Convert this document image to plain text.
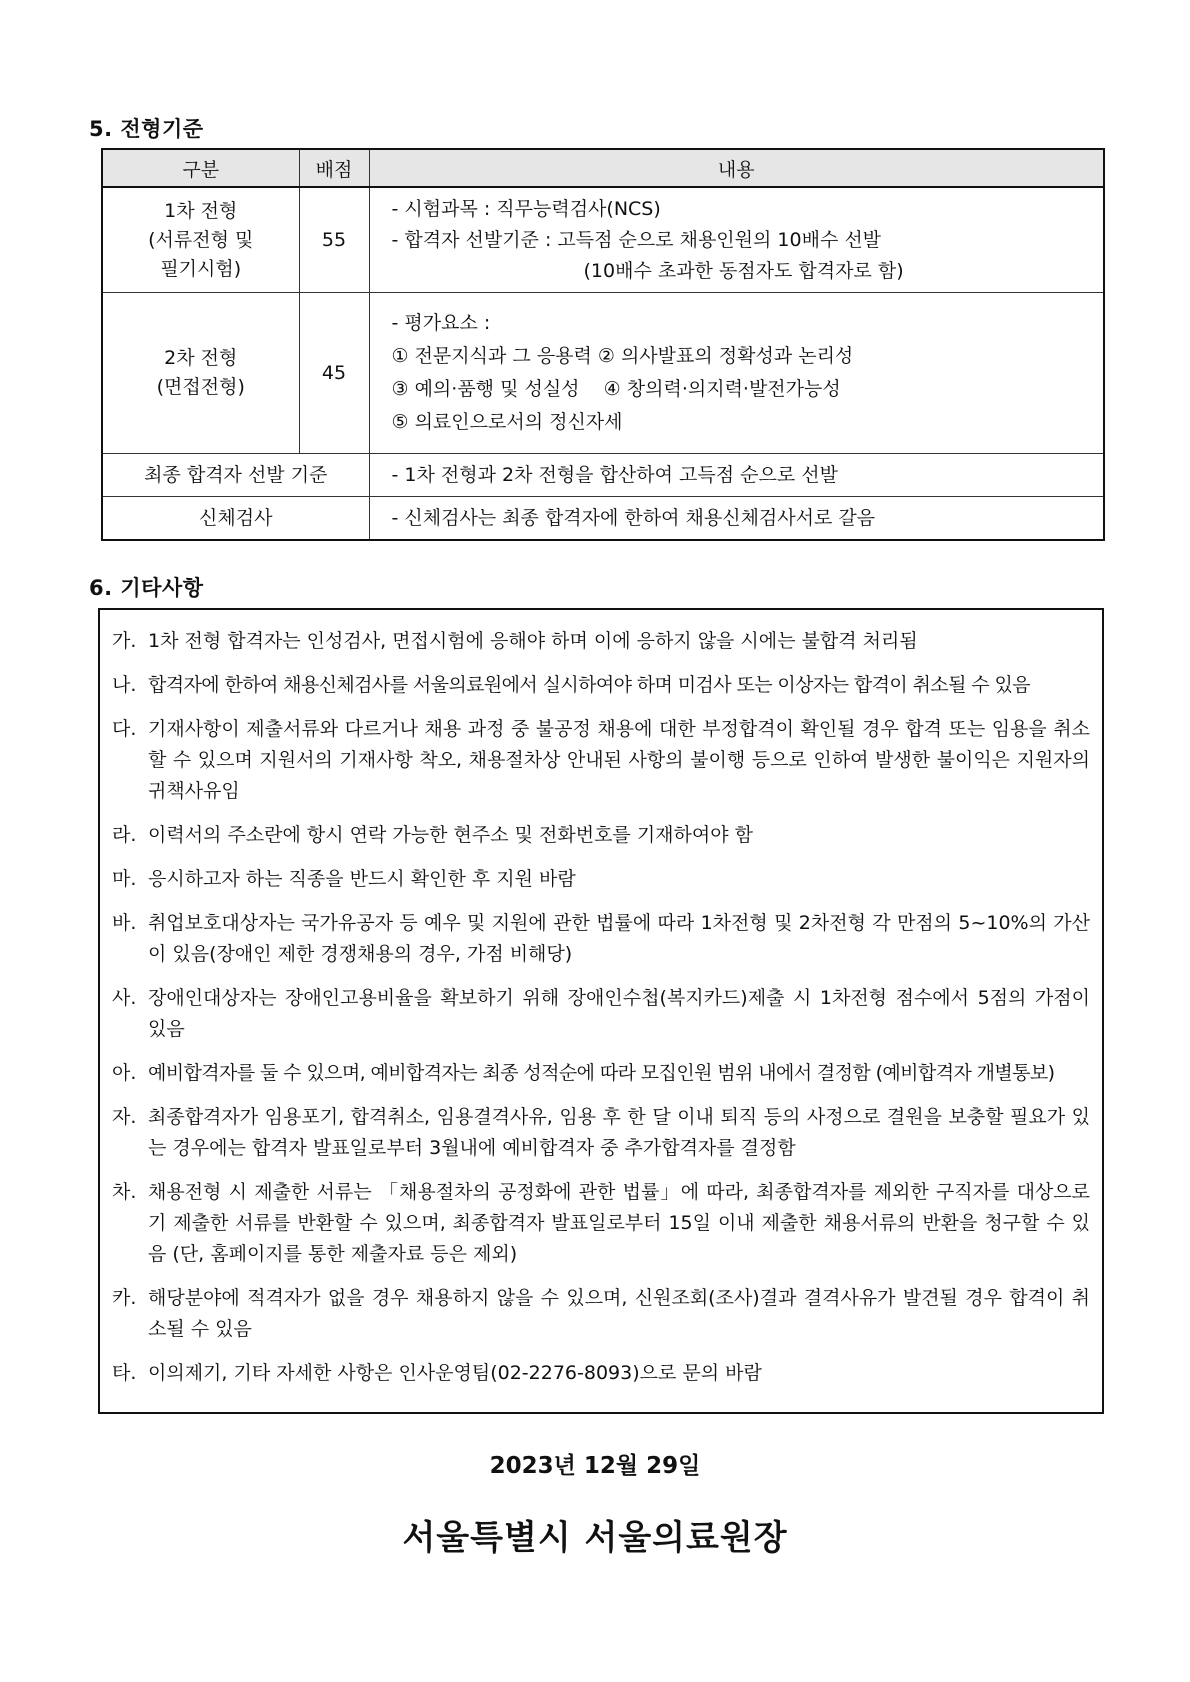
5. 전형기준
구분	배점	내용

1차 전형
(서류전형 및
필기시험)	55	- 시험과목 : 직무능력검사(NCS)
- 합격자 선발기준 : 고득점 순으로 채용인원의 10배수 선발
(10배수 초과한 동점자도 합격자로 함)

2차 전형
(면접전형)	45	- 평가요소 :
① 전문지식과 그 응용력 ② 의사발표의 정확성과 논리성
③ 예의·품행 및 성실성    ④ 창의력·의지력·발전가능성
⑤ 의료인으로서의 정신자세

최종 합격자 선발 기준		- 1차 전형과 2차 전형을 합산하여 고득점 순으로 선발
신체검사		- 신체검사는 최종 합격자에 한하여 채용신체검사서로 갈음
6. 기타사항
가. 1차 전형 합격자는 인성검사, 면접시험에 응해야 하며 이에 응하지 않을 시에는 불합격 처리됨
나. 합격자에 한하여 채용신체검사를 서울의료원에서 실시하여야 하며 미검사 또는 이상자는 합격이 취소될 수 있음
다. 기재사항이 제출서류와 다르거나 채용 과정 중 불공정 채용에 대한 부정합격이 확인될 경우 합격 또는 임용을 취소할 수 있으며 지원서의 기재사항 착오, 채용절차상 안내된 사항의 불이행 등으로 인하여 발생한 불이익은 지원자의 귀책사유임
라. 이력서의 주소란에 항시 연락 가능한 현주소 및 전화번호를 기재하여야 함
마. 응시하고자 하는 직종을 반드시 확인한 후 지원 바람
바. 취업보호대상자는 국가유공자 등 예우 및 지원에 관한 법률에 따라 1차전형 및 2차전형 각 만점의 5~10%의 가산이 있음(장애인 제한 경쟁채용의 경우, 가점 비해당)
사. 장애인대상자는 장애인고용비율을 확보하기 위해 장애인수첩(복지카드)제출 시 1차전형 점수에서 5점의 가점이 있음
아. 예비합격자를 둘 수 있으며, 예비합격자는 최종 성적순에 따라 모집인원 범위 내에서 결정함 (예비합격자 개별통보)
자. 최종합격자가 임용포기, 합격취소, 임용결격사유, 임용 후 한 달 이내 퇴직 등의 사정으로 결원을 보충할 필요가 있는 경우에는 합격자 발표일로부터 3월내에 예비합격자 중 추가합격자를 결정함
차. 채용전형 시 제출한 서류는 「채용절차의 공정화에 관한 법률」에 따라, 최종합격자를 제외한 구직자를 대상으로 기 제출한 서류를 반환할 수 있으며, 최종합격자 발표일로부터 15일 이내 제출한 채용서류의 반환을 청구할 수 있음 (단, 홈페이지를 통한 제출자료 등은 제외)
카. 해당분야에 적격자가 없을 경우 채용하지 않을 수 있으며, 신원조회(조사)결과 결격사유가 발견될 경우 합격이 취소될 수 있음
타. 이의제기, 기타 자세한 사항은 인사운영팀(02-2276-8093)으로 문의 바람
2023년 12월 29일
서울특별시 서울의료원장
